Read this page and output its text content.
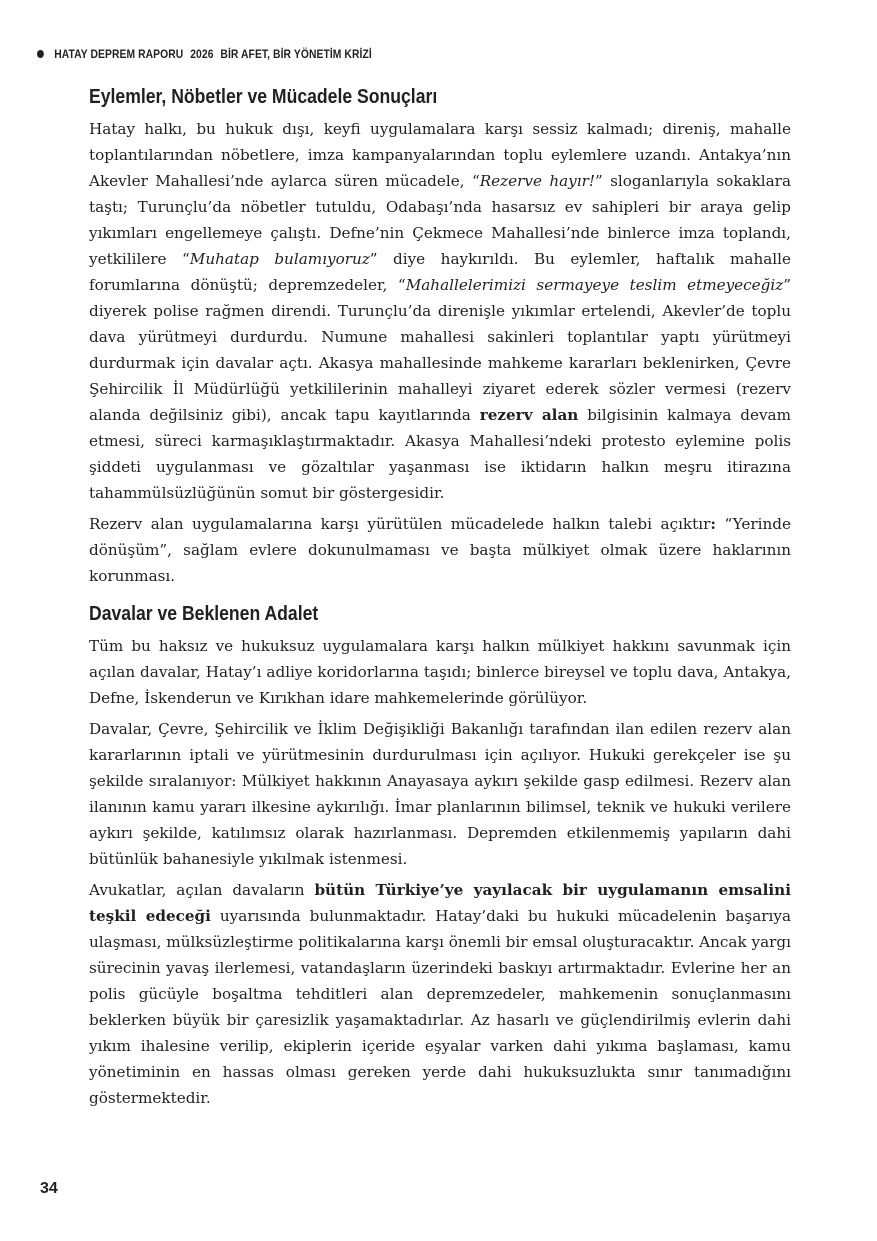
HATAY DEPREM RAPORU 2026 BİR AFET, BİR YÖNETİM KRİZİ
Eylemler, Nöbetler ve Mücadele Sonuçları

Hatay halkı, bu hukuk dışı, keyfi uygulamalara karşı sessiz kalmadı; direniş, mahalle toplantılarından nöbetlere, imza kampanyalarından toplu eylemlere uzandı. Antakya’nın Akevler Mahallesi’nde aylarca süren mücadele, “Rezerve hayır!” sloganlarıyla sokaklara taştı; Turunçlu’da nöbetler tutuldu, Odabaşı’nda hasarsız ev sahipleri bir araya gelip yıkımları engellemeye çalıştı. Defne’nin Çekmece Mahallesi’nde binlerce imza toplandı, yetkililere “Muhatap bulamıyoruz” diye haykırıldı. Bu eylemler, haftalık mahalle forumlarına dönüştü; depremzedeler, “Mahallelerimizi sermayeye teslim etmeyeceğiz” diyerek polise rağmen direndi. Turunçlu’da direnişle yıkımlar ertelendi, Akevler’de toplu dava yürütmeyi durdurdu. Numune mahallesi sakinleri toplantılar yaptı yürütmeyi durdurmak için davalar açtı. Akasya mahallesinde mahkeme kararları beklenirken, Çevre Şehircilik İl Müdürlüğü yetkililerinin mahalleyi ziyaret ederek sözler vermesi (rezerv alanda değilsiniz gibi), ancak tapu kayıtlarında rezerv alan bilgisinin kalmaya devam etmesi, süreci karmaşıklaştırmaktadır. Akasya Mahallesi’ndeki protesto eylemine polis şiddeti uygulanması ve gözaltılar yaşanması ise iktidarın halkın meşru itirazına tahammülsüzlüğünün somut bir göstergesidir.

Rezerv alan uygulamalarına karşı yürütülen mücadelede halkın talebi açıktır: “Yerinde dönüşüm”, sağlam evlere dokunulmaması ve başta mülkiyet olmak üzere haklarının korunması.

Davalar ve Beklenen Adalet

Tüm bu haksız ve hukuksuz uygulamalara karşı halkın mülkiyet hakkını savunmak için açılan davalar, Hatay’ı adliye koridorlarına taşıdı; binlerce bireysel ve toplu dava, Antakya, Defne, İskenderun ve Kırıkhan idare mahkemelerinde görülüyor.

Davalar, Çevre, Şehircilik ve İklim Değişikliği Bakanlığı tarafından ilan edilen rezerv alan kararlarının iptali ve yürütmesinin durdurulması için açılıyor. Hukuki gerekçeler ise şu şekilde sıralanıyor: Mülkiyet hakkının Anayasaya aykırı şekilde gasp edilmesi. Rezerv alan ilanının kamu yararı ilkesine aykırılığı. İmar planlarının bilimsel, teknik ve hukuki verilere aykırı şekilde, katılımsız olarak hazırlanması. Depremden etkilenmemiş yapıların dahi bütünlük bahanesiyle yıkılmak istenmesi.

Avukatlar, açılan davaların bütün Türkiye’ye yayılacak bir uygulamanın emsalini teşkil edeceği uyarısında bulunmaktadır. Hatay’daki bu hukuki mücadelenin başarıya ulaşması, mülksüzleştirme politikalarına karşı önemli bir emsal oluşturacaktır. Ancak yargı sürecinin yavaş ilerlemesi, vatandaşların üzerindeki baskıyı artırmaktadır. Evlerine her an polis gücüyle boşaltma tehditleri alan depremzedeler, mahkemenin sonuçlanmasını beklerken büyük bir çaresizlik yaşamaktadırlar. Az hasarlı ve güçlendirilmiş evlerin dahi yıkım ihalesine verilip, ekiplerin içeride eşyalar varken dahi yıkıma başlaması, kamu yönetiminin en hassas olması gereken yerde dahi hukuksuzlukta sınır tanımadığını göstermektedir.

34
